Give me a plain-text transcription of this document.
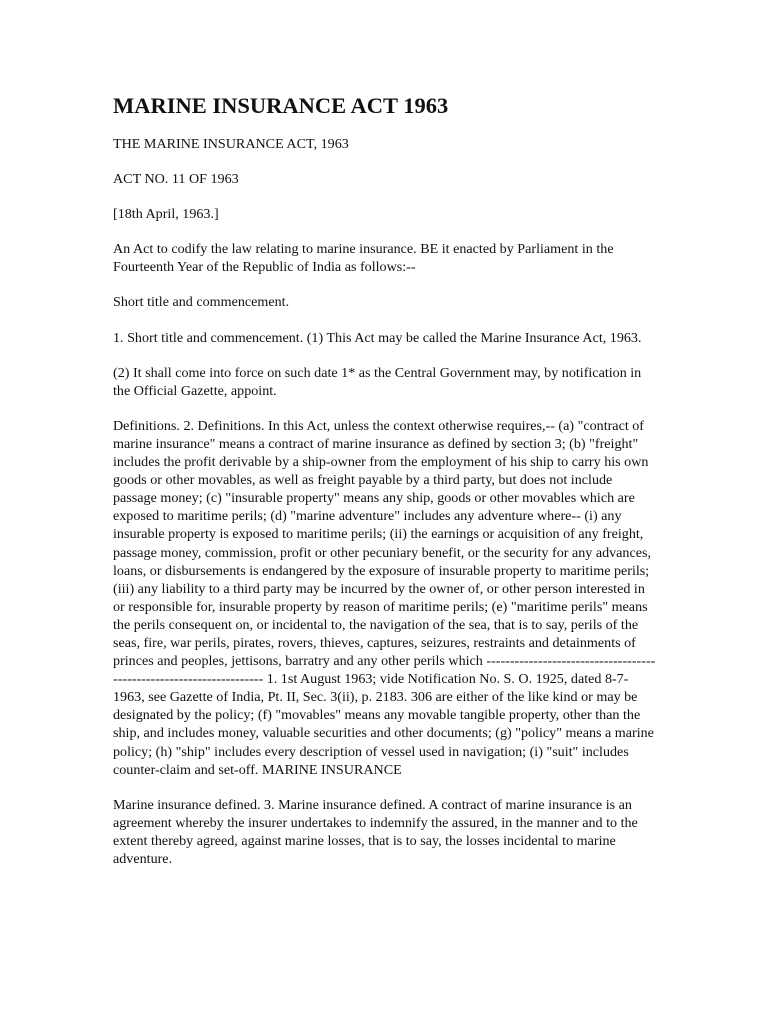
MARINE INSURANCE ACT 1963

THE MARINE INSURANCE ACT, 1963

ACT NO. 11 OF 1963

[18th April, 1963.]

An Act to codify the law relating to marine insurance. BE it enacted by Parliament in the Fourteenth Year of the Republic of India as follows:--

Short title and commencement.

1. Short title and commencement. (1) This Act may be called the Marine Insurance Act, 1963.

(2) It shall come into force on such date 1* as the Central Government may, by notification in the Official Gazette, appoint.

Definitions. 2. Definitions. In this Act, unless the context otherwise requires,-- (a) "contract of marine insurance" means a contract of marine insurance as defined by section 3; (b) "freight" includes the profit derivable by a ship-owner from the employment of his ship to carry his own goods or other movables, as well as freight payable by a third party, but does not include passage money; (c) "insurable property" means any ship, goods or other movables which are exposed to maritime perils; (d) "marine adventure" includes any adventure where-- (i) any insurable property is exposed to maritime perils; (ii) the earnings or acquisition of any freight, passage money, commission, profit or other pecuniary benefit, or the security for any advances, loans, or disbursements is endangered by the exposure of insurable property to maritime perils; (iii) any liability to a third party may be incurred by the owner of, or other person interested in or responsible for, insurable property by reason of maritime perils; (e) "maritime perils" means the perils consequent on, or incidental to, the navigation of the sea, that is to say, perils of the seas, fire, war perils, pirates, rovers, thieves, captures, seizures, restraints and detainments of princes and peoples, jettisons, barratry and any other perils which -------------------------------------------------------------------- 1. 1st August 1963; vide Notification No. S. O. 1925, dated 8-7- 1963, see Gazette of India, Pt. II, Sec. 3(ii), p. 2183. 306 are either of the like kind or may be designated by the policy; (f) "movables" means any movable tangible property, other than the ship, and includes money, valuable securities and other documents; (g) "policy" means a marine policy; (h) "ship" includes every description of vessel used in navigation; (i) "suit" includes counter-claim and set-off. MARINE INSURANCE

Marine insurance defined. 3. Marine insurance defined. A contract of marine insurance is an agreement whereby the insurer undertakes to indemnify the assured, in the manner and to the extent thereby agreed, against marine losses, that is to say, the losses incidental to marine adventure.
